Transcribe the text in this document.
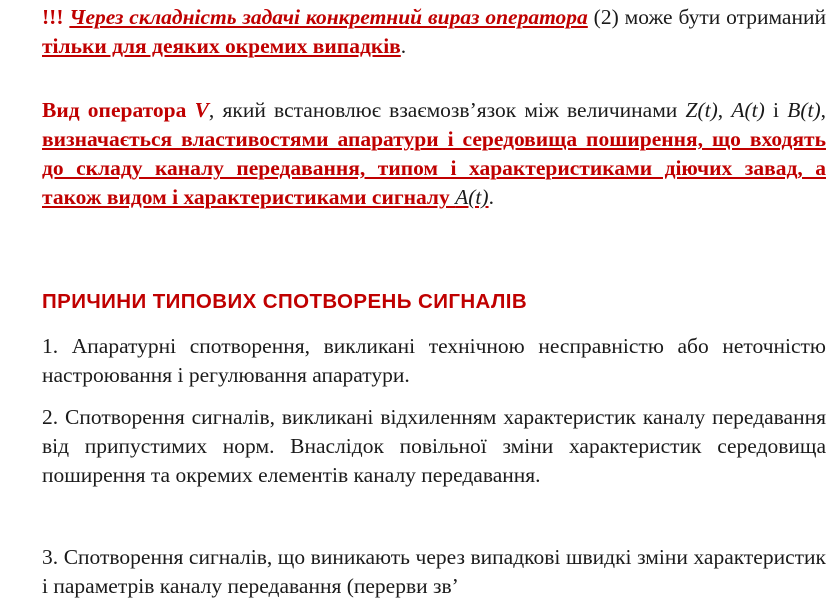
!!! Через складність задачі конкретний вираз оператора (2) може бути отриманий тільки для деяких окремих випадків.

Вид оператора V, який встановлює взаємозв’язок між величинами Z(t), A(t) і B(t), визначається властивостями апаратури і середовища поширення, що входять до складу каналу передавання, типом і характеристиками діючих завад, а також видом і характеристиками сигналу A(t).

ПРИЧИНИ ТИПОВИХ СПОТВОРЕНЬ СИГНАЛІВ

1. Апаратурні спотворення, викликані технічною несправністю або неточністю настроювання і регулювання апаратури.

2. Спотворення сигналів, викликані відхиленням характеристик каналу передавання від припустимих норм. Внаслідок повільної зміни характеристик середовища поширення та окремих елементів каналу передавання.

3. Спотворення сигналів, що виникають через випадкові швидкі зміни характеристик і параметрів каналу передавання (перерви зв’
